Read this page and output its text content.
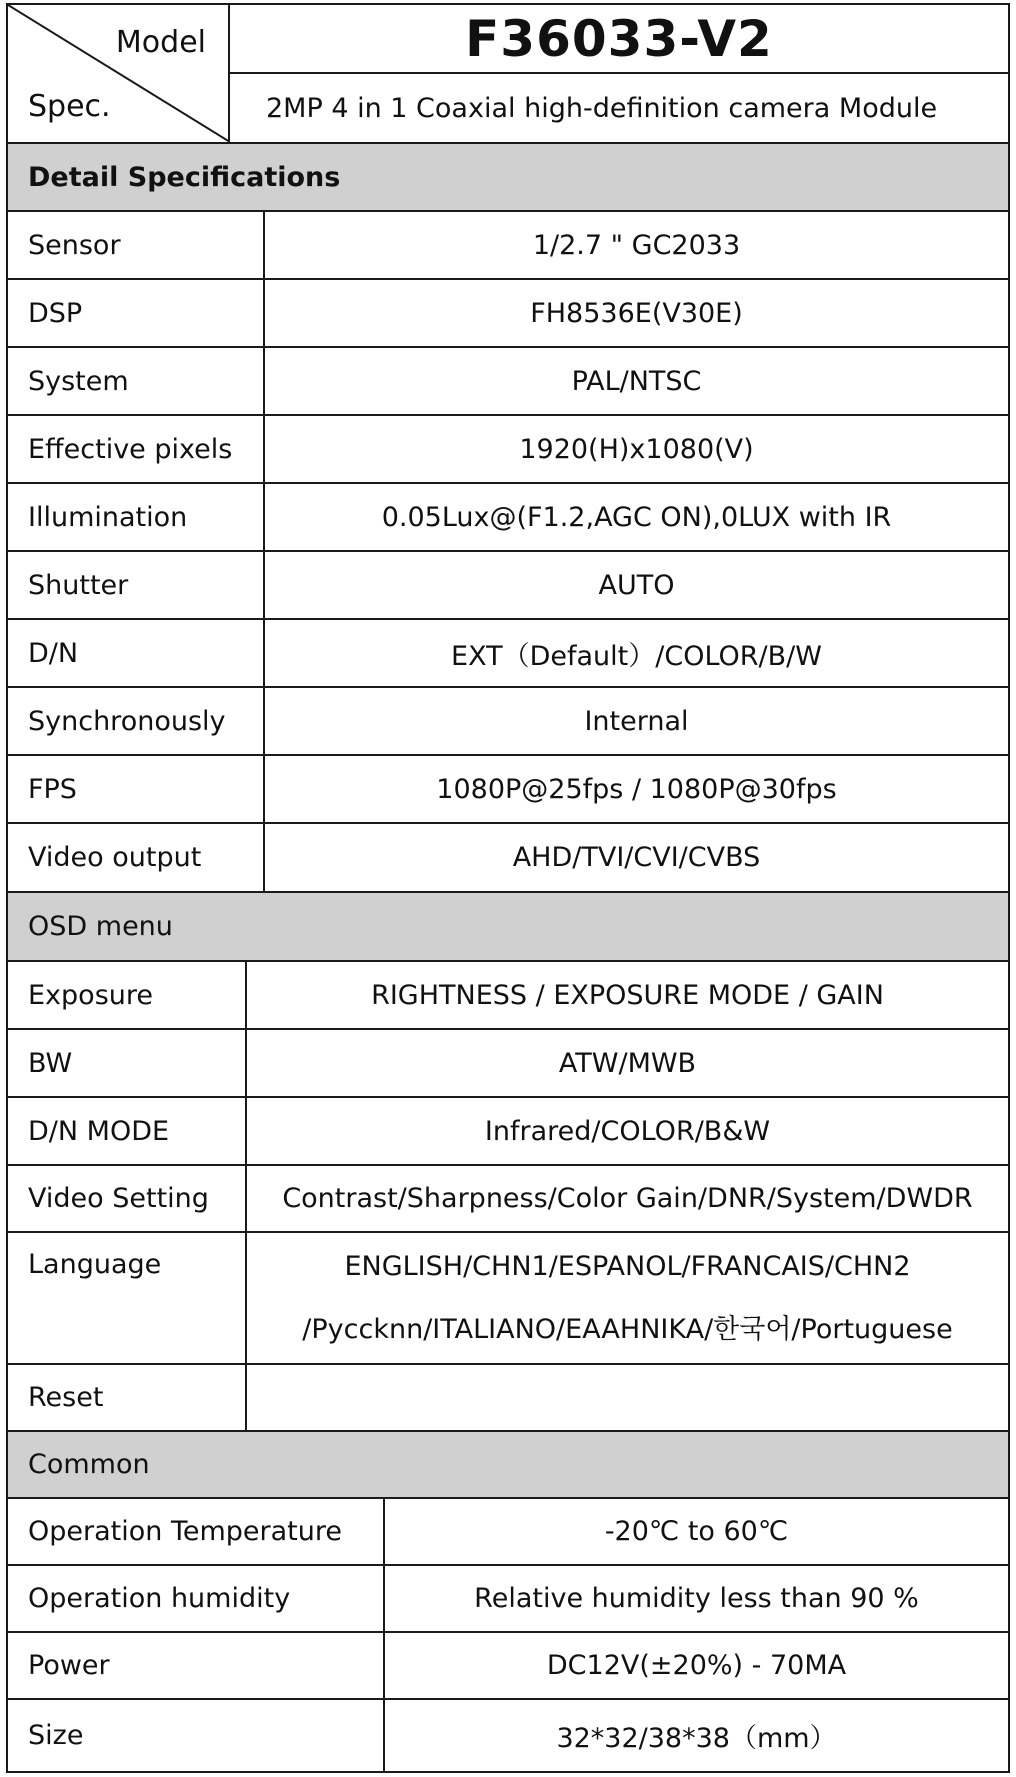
Model
Spec.
F36033-V2
2MP 4 in 1 Coaxial high-definition camera Module
Detail Specifications
Sensor	1/2.7 " GC2033
DSP	FH8536E(V30E)
System	PAL/NTSC
Effective pixels	1920(H)x1080(V)
Illumination	0.05Lux@(F1.2,AGC ON),0LUX with IR
Shutter	AUTO
D/N	EXT（Default）/COLOR/B/W
Synchronously	Internal
FPS	1080P@25fps / 1080P@30fps
Video output	AHD/TVI/CVI/CVBS
OSD menu
Exposure	RIGHTNESS / EXPOSURE MODE / GAIN
BW	ATW/MWB
D/N MODE	Infrared/COLOR/B&W
Video Setting	Contrast/Sharpness/Color Gain/DNR/System/DWDR
Language	ENGLISH/CHN1/ESPANOL/FRANCAIS/CHN2
/Pyccknn/ITALIANO/EAAHNIKA/한국어/Portuguese
Reset
Common
Operation Temperature	-20℃ to 60℃
Operation humidity	Relative humidity less than 90 %
Power	DC12V(±20%) - 70MA
Size	32*32/38*38（mm）
